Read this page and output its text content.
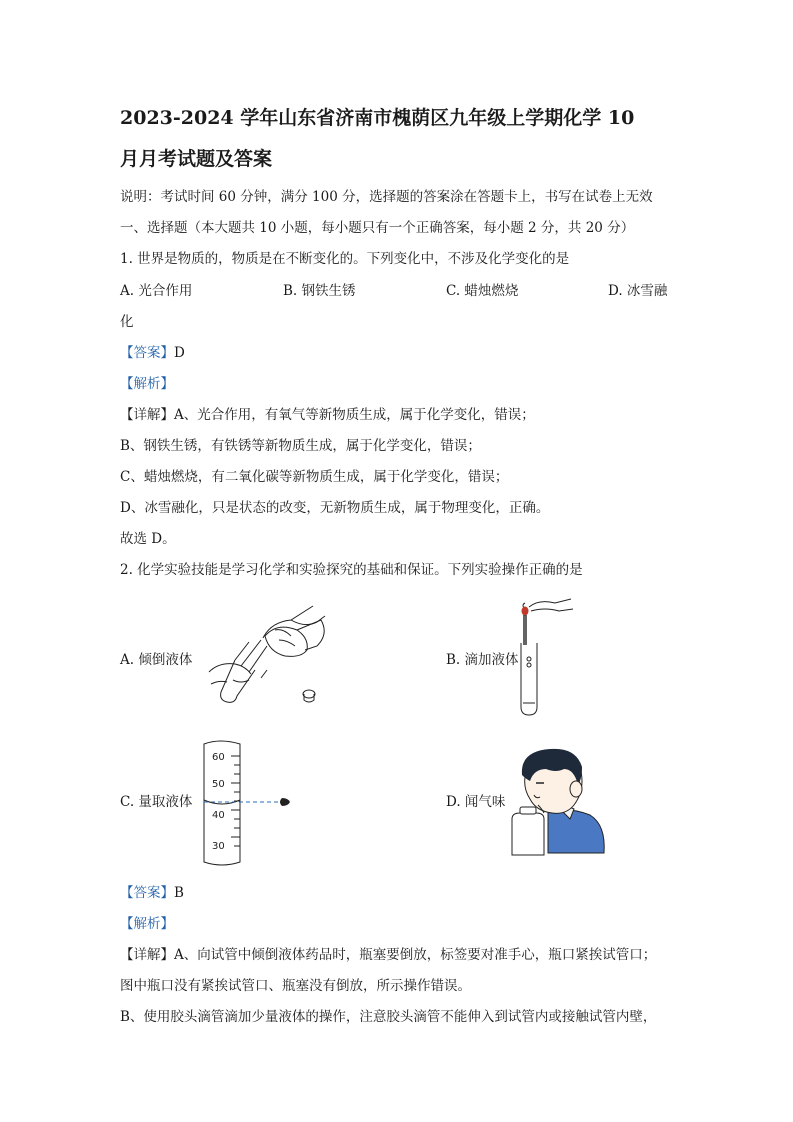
2023-2024 学年山东省济南市槐荫区九年级上学期化学 10
月月考试题及答案
说明：考试时间 60 分钟，满分 100 分，选择题的答案涂在答题卡上，书写在试卷上无效
一、选择题（本大题共 10 小题，每小题只有一个正确答案，每小题 2 分，共 20 分）
1. 世界是物质的，物质是在不断变化的。下列变化中，不涉及化学变化的是
A. 光合作用	B. 钢铁生锈	C. 蜡烛燃烧	D. 冰雪融
化
【答案】D
【解析】
【详解】A、光合作用，有氧气等新物质生成，属于化学变化，错误；
B、钢铁生锈，有铁锈等新物质生成，属于化学变化，错误；
C、蜡烛燃烧，有二氧化碳等新物质生成，属于化学变化，错误；
D、冰雪融化，只是状态的改变，无新物质生成，属于物理变化，正确。
故选 D。
2. 化学实验技能是学习化学和实验探究的基础和保证。下列实验操作正确的是
A. 倾倒液体	B. 滴加液体
60
50
40
30
C. 量取液体	D. 闻气味
【答案】B
【解析】
【详解】A、向试管中倾倒液体药品时，瓶塞要倒放，标签要对准手心，瓶口紧挨试管口；
图中瓶口没有紧挨试管口、瓶塞没有倒放，所示操作错误。
B、使用胶头滴管滴加少量液体的操作，注意胶头滴管不能伸入到试管内或接触试管内壁，
